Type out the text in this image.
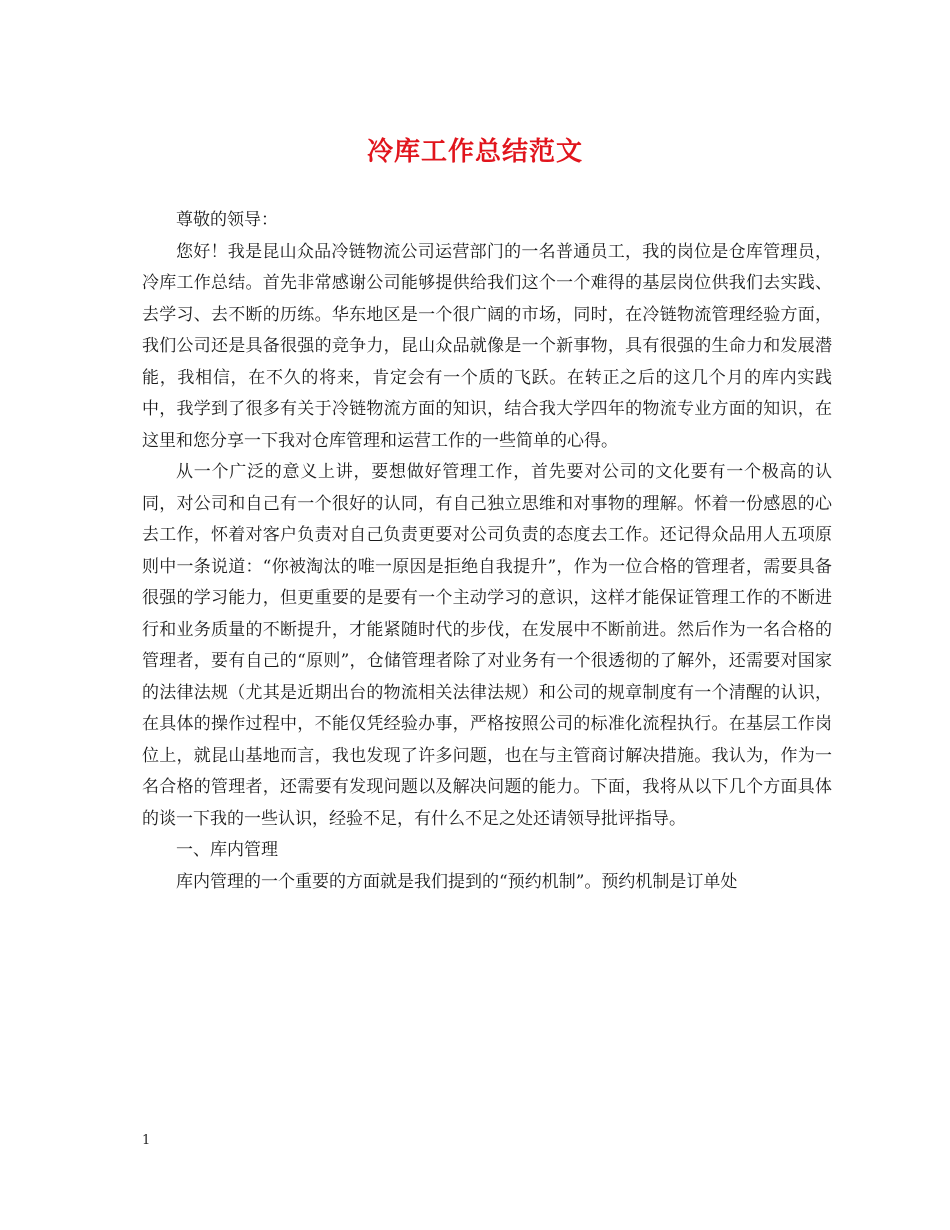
冷库工作总结范文

尊敬的领导：

您好！我是昆山众品冷链物流公司运营部门的一名普通员工，我的岗位是仓库管理员，冷库工作总结。首先非常感谢公司能够提供给我们这个一个难得的基层岗位供我们去实践、去学习、去不断的历练。华东地区是一个很广阔的市场，同时，在冷链物流管理经验方面，我们公司还是具备很强的竞争力，昆山众品就像是一个新事物，具有很强的生命力和发展潜能，我相信，在不久的将来，肯定会有一个质的飞跃。在转正之后的这几个月的库内实践中，我学到了很多有关于冷链物流方面的知识，结合我大学四年的物流专业方面的知识，在这里和您分享一下我对仓库管理和运营工作的一些简单的心得。

从一个广泛的意义上讲，要想做好管理工作，首先要对公司的文化要有一个极高的认同，对公司和自己有一个很好的认同，有自己独立思维和对事物的理解。怀着一份感恩的心去工作，怀着对客户负责对自己负责更要对公司负责的态度去工作。还记得众品用人五项原则中一条说道：“你被淘汰的唯一原因是拒绝自我提升”，作为一位合格的管理者，需要具备很强的学习能力，但更重要的是要有一个主动学习的意识，这样才能保证管理工作的不断进行和业务质量的不断提升，才能紧随时代的步伐，在发展中不断前进。然后作为一名合格的管理者，要有自己的“原则”，仓储管理者除了对业务有一个很透彻的了解外，还需要对国家的法律法规（尤其是近期出台的物流相关法律法规）和公司的规章制度有一个清醒的认识，在具体的操作过程中，不能仅凭经验办事，严格按照公司的标准化流程执行。在基层工作岗位上，就昆山基地而言，我也发现了许多问题，也在与主管商讨解决措施。我认为，作为一名合格的管理者，还需要有发现问题以及解决问题的能力。下面，我将从以下几个方面具体的谈一下我的一些认识，经验不足，有什么不足之处还请领导批评指导。

一、库内管理

库内管理的一个重要的方面就是我们提到的“预约机制”。预约机制是订单处

1
